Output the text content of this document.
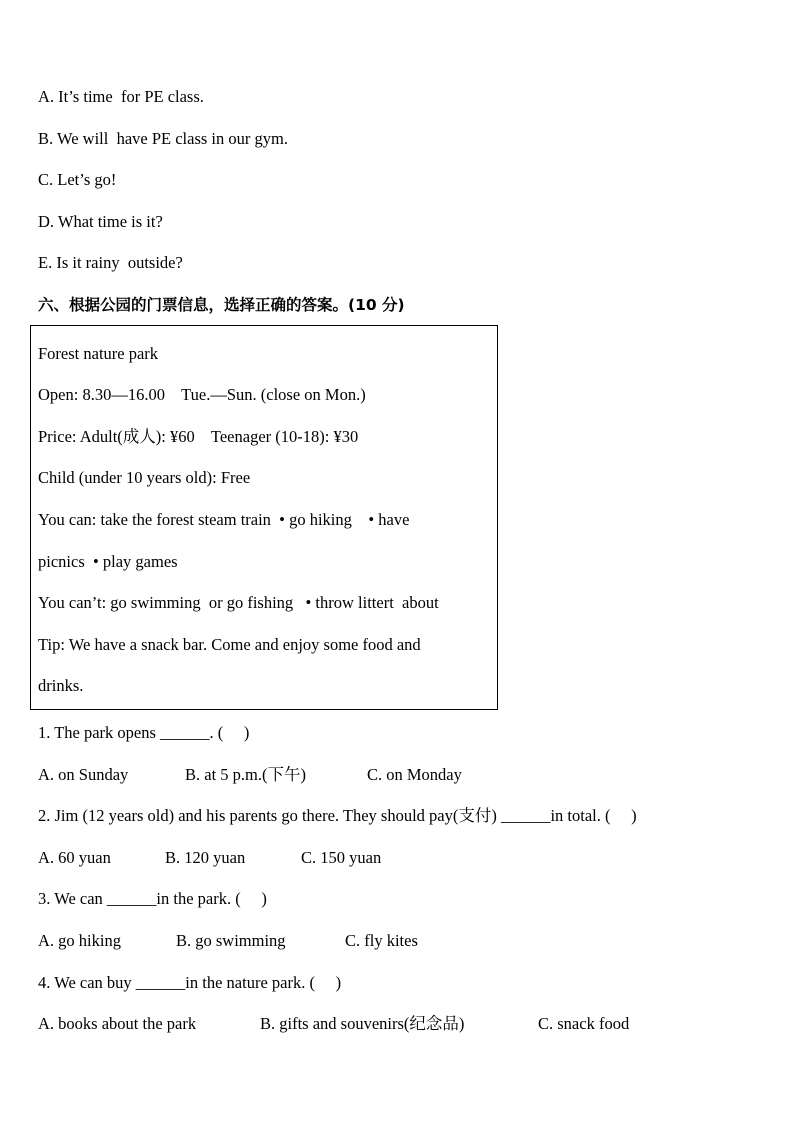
A. It’s time  for PE class.
B. We will  have PE class in our gym.
C. Let’s go!
D. What time is it?
E. Is it rainy  outside?
六、根据公园的门票信息，选择正确的答案。(10 分)
Forest nature park
Open: 8.30—16.00    Tue.—Sun. (close on Mon.)
Price: Adult(成人): ¥60    Teenager (10-18): ¥30
Child (under 10 years old): Free
You can: take the forest steam train  • go hiking    • have
picnics  • play games
You can’t: go swimming  or go fishing   • throw littert  about
Tip: We have a snack bar. Come and enjoy some food and
drinks.
1. The park opens ______. (     )
A. on Sunday	B. at 5 p.m.(下午)	C. on Monday
2. Jim (12 years old) and his parents go there. They should pay(支付) ______in total. (     )
A. 60 yuan	B. 120 yuan	C. 150 yuan
3. We can ______in the park. (     )
A. go hiking	B. go swimming	C. fly kites
4. We can buy ______in the nature park. (     )
A. books about the park	B. gifts and souvenirs(纪念品)	C. snack food
